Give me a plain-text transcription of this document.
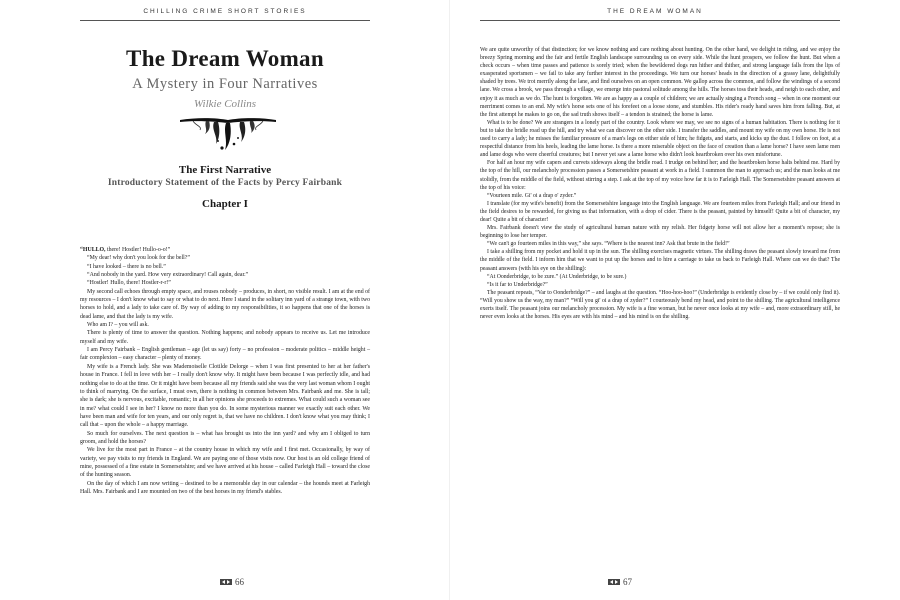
CHILLING CRIME SHORT STORIES
The Dream Woman
A Mystery in Four Narratives
Wilkie Collins
The First Narrative
Introductory Statement of the Facts by Percy Fairbank
Chapter I

“HULLO, there! Hostler! Hullo-o-o!”

“My dear! why don't you look for the bell?”

“I have looked – there is no bell.”

“And nobody in the yard. How very extraordinary! Call again, dear.”

“Hostler! Hullo, there! Hostler-r-r!”

My second call echoes through empty space, and rouses nobody – produces, in short, no visible result. I am at the end of my resources – I don't know what to say or what to do next. Here I stand in the solitary inn yard of a strange town, with two horses to hold, and a lady to take care of. By way of adding to my responsibilities, it so happens that one of the horses is dead lame, and that the lady is my wife.

Who am I? – you will ask.

There is plenty of time to answer the question. Nothing happens; and nobody appears to receive us. Let me introduce myself and my wife.

I am Percy Fairbank – English gentleman – age (let us say) forty – no profession – moderate politics – middle height – fair complexion – easy character – plenty of money.

My wife is a French lady. She was Mademoiselle Clotilde Delorge – when I was first presented to her at her father's house in France. I fell in love with her – I really don't know why. It might have been because I was perfectly idle, and had nothing else to do at the time. Or it might have been because all my friends said she was the very last woman whom I ought to think of marrying. On the surface, I must own, there is nothing in common between Mrs. Fairbank and me. She is tall; she is dark; she is nervous, excitable, romantic; in all her opinions she proceeds to extremes. What could such a woman see in me? what could I see in her? I know no more than you do. In some mysterious manner we exactly suit each other. We have been man and wife for ten years, and our only regret is, that we have no children. I don't know what you may think; I call that – upon the whole – a happy marriage.

So much for ourselves. The next question is – what has brought us into the inn yard? and why am I obliged to turn groom, and hold the horses?

We live for the most part in France – at the country house in which my wife and I first met. Occasionally, by way of variety, we pay visits to my friends in England. We are paying one of those visits now. Our host is an old college friend of mine, possessed of a fine estate in Somersetshire; and we have arrived at his house – called Farleigh Hall – toward the close of the hunting season.

On the day of which I am now writing – destined to be a memorable day in our calendar – the hounds meet at Farleigh Hall. Mrs. Fairbank and I are mounted on two of the best horses in my friend's stables.

66
THE DREAM WOMAN

We are quite unworthy of that distinction; for we know nothing and care nothing about hunting. On the other hand, we delight in riding, and we enjoy the breezy Spring morning and the fair and fertile English landscape surrounding us on every side. While the hunt prospers, we follow the hunt. But when a check occurs – when time passes and patience is sorely tried; when the bewildered dogs run hither and thither, and strong language falls from the lips of exasperated sportsmen – we fail to take any further interest in the proceedings. We turn our horses' heads in the direction of a grassy lane, delightfully shaded by trees. We trot merrily along the lane, and find ourselves on an open common. We gallop across the common, and follow the windings of a second lane. We cross a brook, we pass through a village, we emerge into pastoral solitude among the hills. The horses toss their heads, and neigh to each other, and enjoy it as much as we do. The hunt is forgotten. We are as happy as a couple of children; we are actually singing a French song – when in one moment our merriment comes to an end. My wife's horse sets one of his forefeet on a loose stone, and stumbles. His rider's ready hand saves him from falling. But, at the first attempt he makes to go on, the sad truth shows itself – a tendon is strained; the horse is lame.

What is to be done? We are strangers in a lonely part of the country. Look where we may, we see no signs of a human habitation. There is nothing for it but to take the bridle road up the hill, and try what we can discover on the other side. I transfer the saddles, and mount my wife on my own horse. He is not used to carry a lady; he misses the familiar pressure of a man's legs on either side of him; he fidgets, and starts, and kicks up the dust. I follow on foot, at a respectful distance from his heels, leading the lame horse. Is there a more miserable object on the face of creation than a lame horse? I have seen lame men and lame dogs who were cheerful creatures; but I never yet saw a lame horse who didn't look heartbroken over his own misfortune.

For half an hour my wife capers and curvets sideways along the bridle road. I trudge on behind her; and the heartbroken horse halts behind me. Hard by the top of the hill, our melancholy procession passes a Somersetshire peasant at work in a field. I summon the man to approach us; and the man looks at me stolidly, from the middle of the field, without stirring a step. I ask at the top of my voice how far it is to Farleigh Hall. The Somersetshire peasant answers at the top of his voice:

“Vourteen mile. Gi' oi a drap o' zyder.”

I translate (for my wife's benefit) from the Somersetshire language into the English language. We are fourteen miles from Farleigh Hall; and our friend in the field desires to be rewarded, for giving us that information, with a drop of cider. There is the peasant, painted by himself! Quite a bit of character, my dear! Quite a bit of character!

Mrs. Fairbank doesn't view the study of agricultural human nature with my relish. Her fidgety horse will not allow her a moment's repose; she is beginning to lose her temper.

“We can't go fourteen miles in this way,” she says. “Where is the nearest inn? Ask that brute in the field!”

I take a shilling from my pocket and hold it up in the sun. The shilling exercises magnetic virtues. The shilling draws the peasant slowly toward me from the middle of the field. I inform him that we want to put up the horses and to hire a carriage to take us back to Farleigh Hall. Where can we do that? The peasant answers (with his eye on the shilling):

“At Oonderbridge, to be zure.” (At Underbridge, to be sure.)

“Is it far to Underbridge?”

The peasant repeats, “Var to Oonderbridge?” – and laughs at the question. “Hoo-hoo-hoo!” (Underbridge is evidently close by – if we could only find it). “Will you show us the way, my man?” “Will you gi' oi a drap of zyder?” I courteously bend my head, and point to the shilling. The agricultural intelligence exerts itself. The peasant joins our melancholy procession. My wife is a fine woman, but he never once looks at my wife – and, more extraordinary still, he never even looks at the horses. His eyes are with his mind – and his mind is on the shilling.

67
